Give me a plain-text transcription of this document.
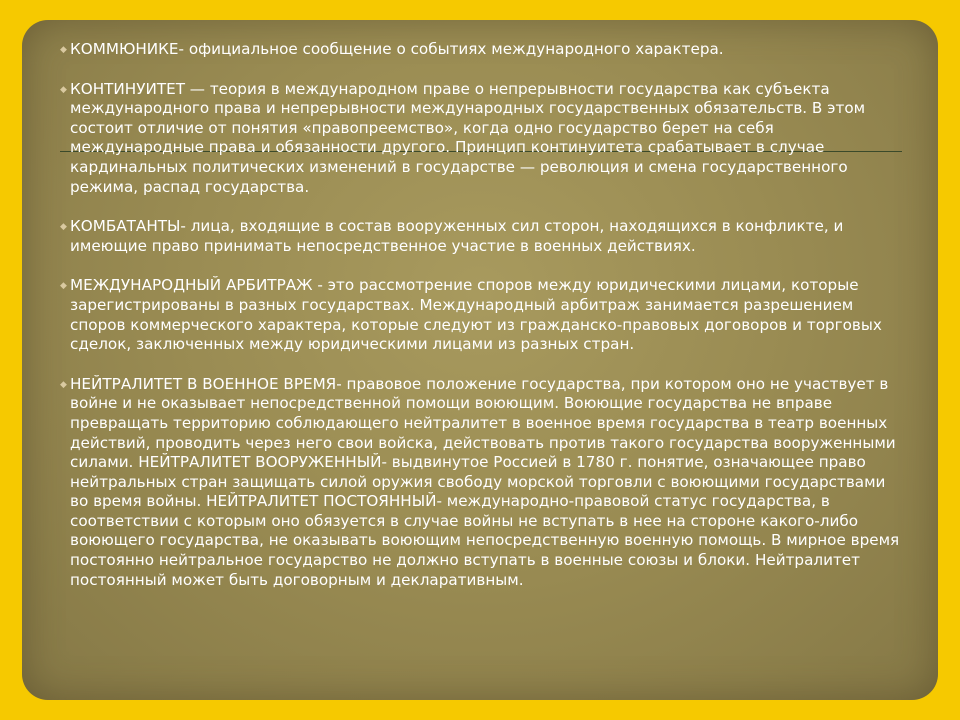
◆ КОММЮНИКЕ- официальное сообщение о событиях международного характера.

◆ КОНТИНУИТЕТ — теория в международном праве о непрерывности государства как субъекта международного права и непрерывности международных государственных обязательств. В этом состоит отличие от понятия «правопреемство», когда одно государство берет на себя международные права и обязанности другого. Принцип континуитета срабатывает в случае кардинальных политических изменений в государстве — революция и смена государственного режима, распад государства.

◆ КОМБАТАНТЫ- лица, входящие в состав вооруженных сил сторон, находящихся в конфликте, и имеющие право принимать непосредственное участие в военных действиях.

◆ МЕЖДУНАРОДНЫЙ АРБИТРАЖ - это рассмотрение споров между юридическими лицами, которые зарегистрированы в разных государствах. Международный арбитраж занимается разрешением споров коммерческого характера, которые следуют из гражданско-правовых договоров и торговых сделок, заключенных между юридическими лицами из разных стран.

◆ НЕЙТРАЛИТЕТ В ВОЕННОЕ ВРЕМЯ- правовое положение государства, при котором оно не участвует в войне и не оказывает непосредственной помощи воюющим. Воюющие государства не вправе превращать территорию соблюдающего нейтралитет в военное время государства в театр военных действий, проводить через него свои войска, действовать против такого государства вооруженными силами. НЕЙТРАЛИТЕТ ВООРУЖЕННЫЙ- выдвинутое Россией в 1780 г. понятие, означающее право нейтральных стран защищать силой оружия свободу морской торговли с воюющими государствами во время войны. НЕЙТРАЛИТЕТ ПОСТОЯННЫЙ- международно-правовой статус государства, в соответствии с которым оно обязуется в случае войны не вступать в нее на стороне какого-либо воюющего государства, не оказывать воюющим непосредственную военную помощь. В мирное время постоянно нейтральное государство не должно вступать в военные союзы и блоки. Нейтралитет постоянный может быть договорным и декларативным.
